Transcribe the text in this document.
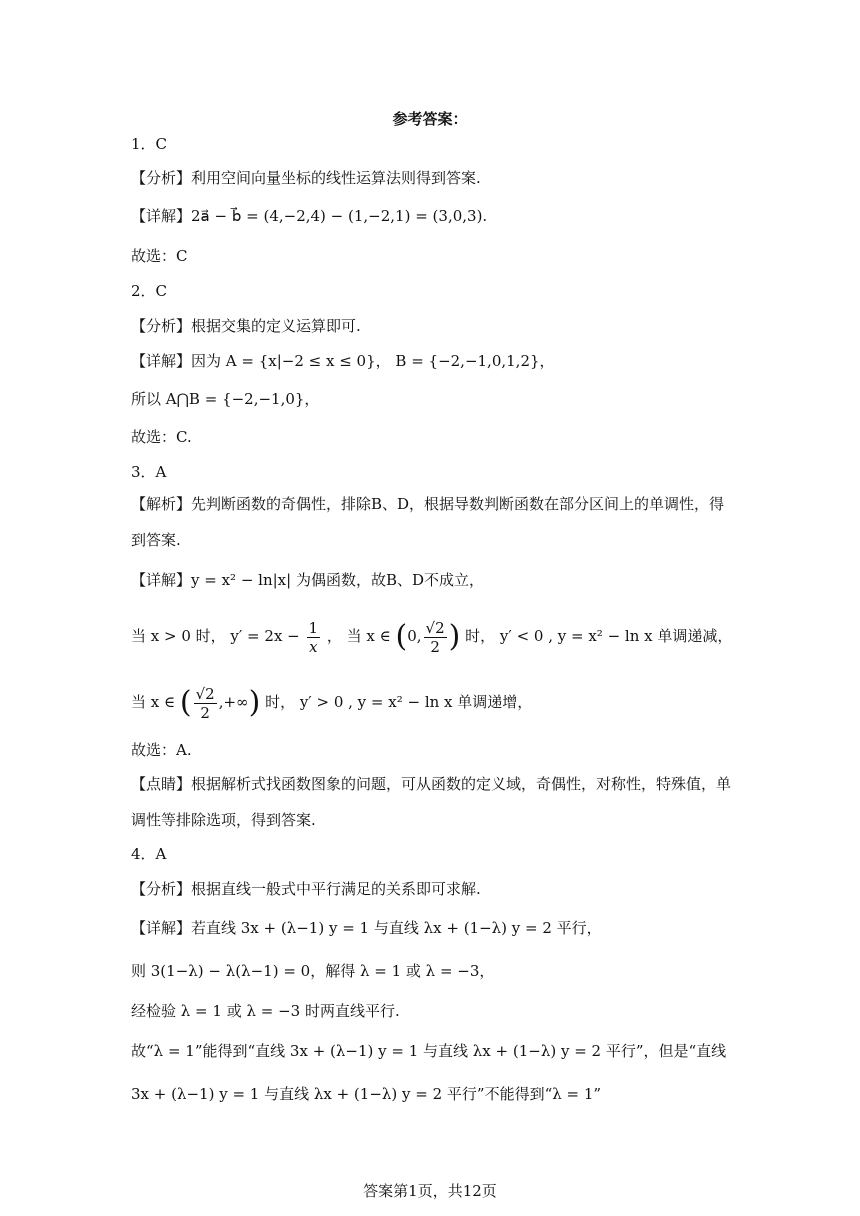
参考答案：
1．C
【分析】利用空间向量坐标的线性运算法则得到答案.
【详解】2a⃗ − b⃗ = (4,−2,4) − (1,−2,1) = (3,0,3).
故选：C
2．C
【分析】根据交集的定义运算即可.
【详解】因为 A = {x|−2 ≤ x ≤ 0}， B = {−2,−1,0,1,2}，
所以 A⋂B = {−2,−1,0}，
故选：C.
3．A
【解析】先判断函数的奇偶性，排除B、D，根据导数判断函数在部分区间上的单调性，得到答案.
【详解】y = x² − ln|x| 为偶函数，故B、D不成立，
当 x > 0 时， $y' = 2x - \frac{1}{x}$ ， 当 x ∈ (0, $\frac{√2}{2}$ ) 时， y′ < 0 , y = x² − ln x 单调递减，
当 x ∈ ( $\frac{√2}{2}$ ,+∞) 时， y′ > 0 , y = x² − ln x 单调递增，
故选：A.
【点睛】根据解析式找函数图象的问题，可从函数的定义域，奇偶性，对称性，特殊值，单调性等排除选项，得到答案.
4．A
【分析】根据直线一般式中平行满足的关系即可求解.
【详解】若直线 3x + (λ−1) y = 1 与直线 λx + (1−λ) y = 2 平行，
则 3(1−λ) − λ(λ−1) = 0，解得 λ = 1 或 λ = −3，
经检验 λ = 1 或 λ = −3 时两直线平行.
故“λ = 1”能得到“直线 3x + (λ−1) y = 1 与直线 λx + (1−λ) y = 2 平行”，但是“直线
3x + (λ−1) y = 1 与直线 λx + (1−λ) y = 2 平行”不能得到“λ = 1”
答案第1页，共12页
